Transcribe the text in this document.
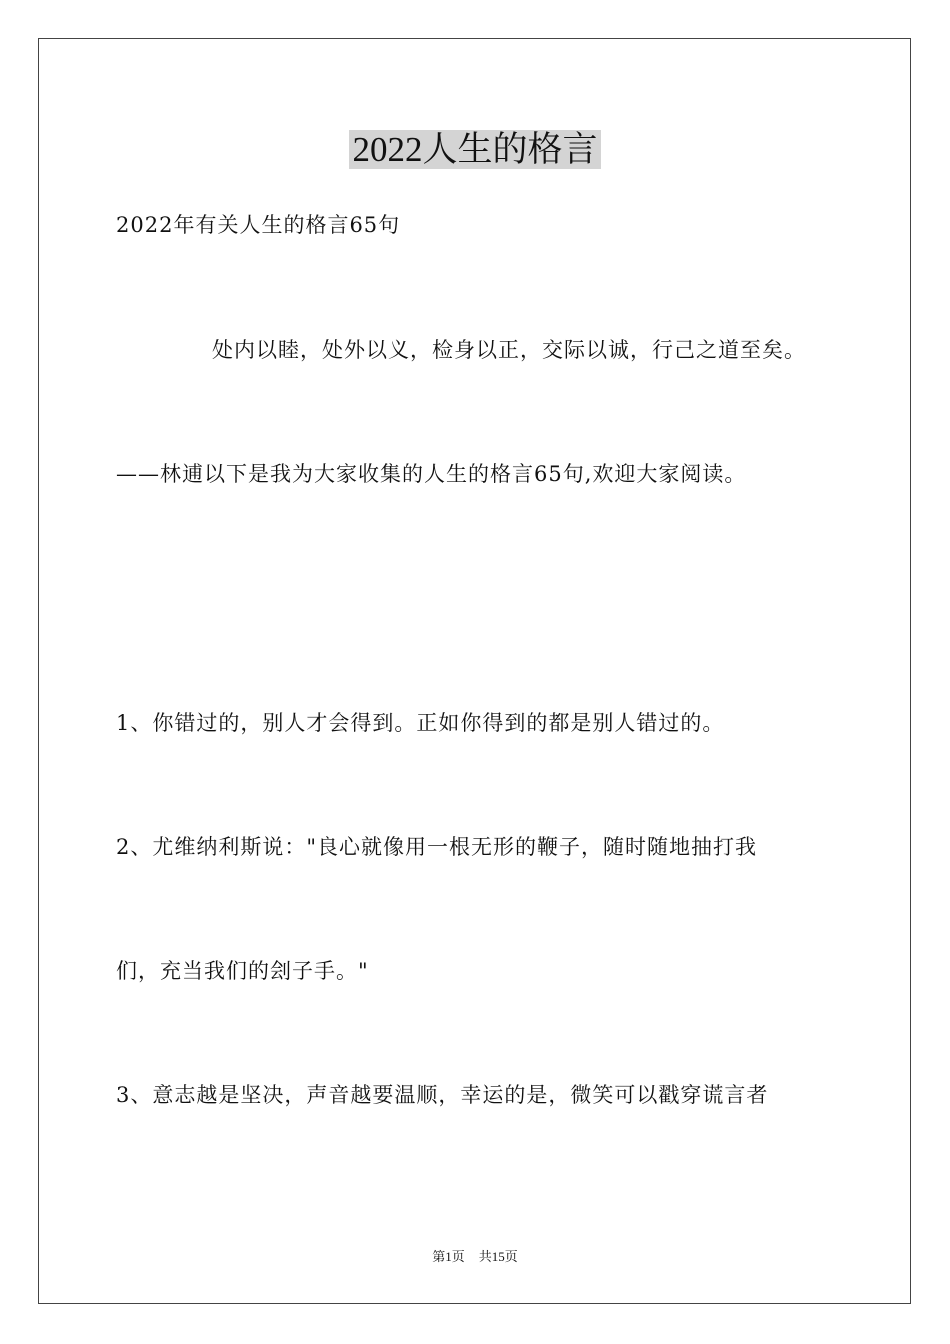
2022人生的格言
2022年有关人生的格言65句
处内以睦，处外以义，检身以正，交际以诚，行己之道至矣。
——林逋以下是我为大家收集的人生的格言65句,欢迎大家阅读。
1、你错过的，别人才会得到。正如你得到的都是别人错过的。
2、尤维纳利斯说："良心就像用一根无形的鞭子，随时随地抽打我
们，充当我们的刽子手。"
3、意志越是坚决，声音越要温顺，幸运的是，微笑可以戳穿谎言者
第1页 共15页
